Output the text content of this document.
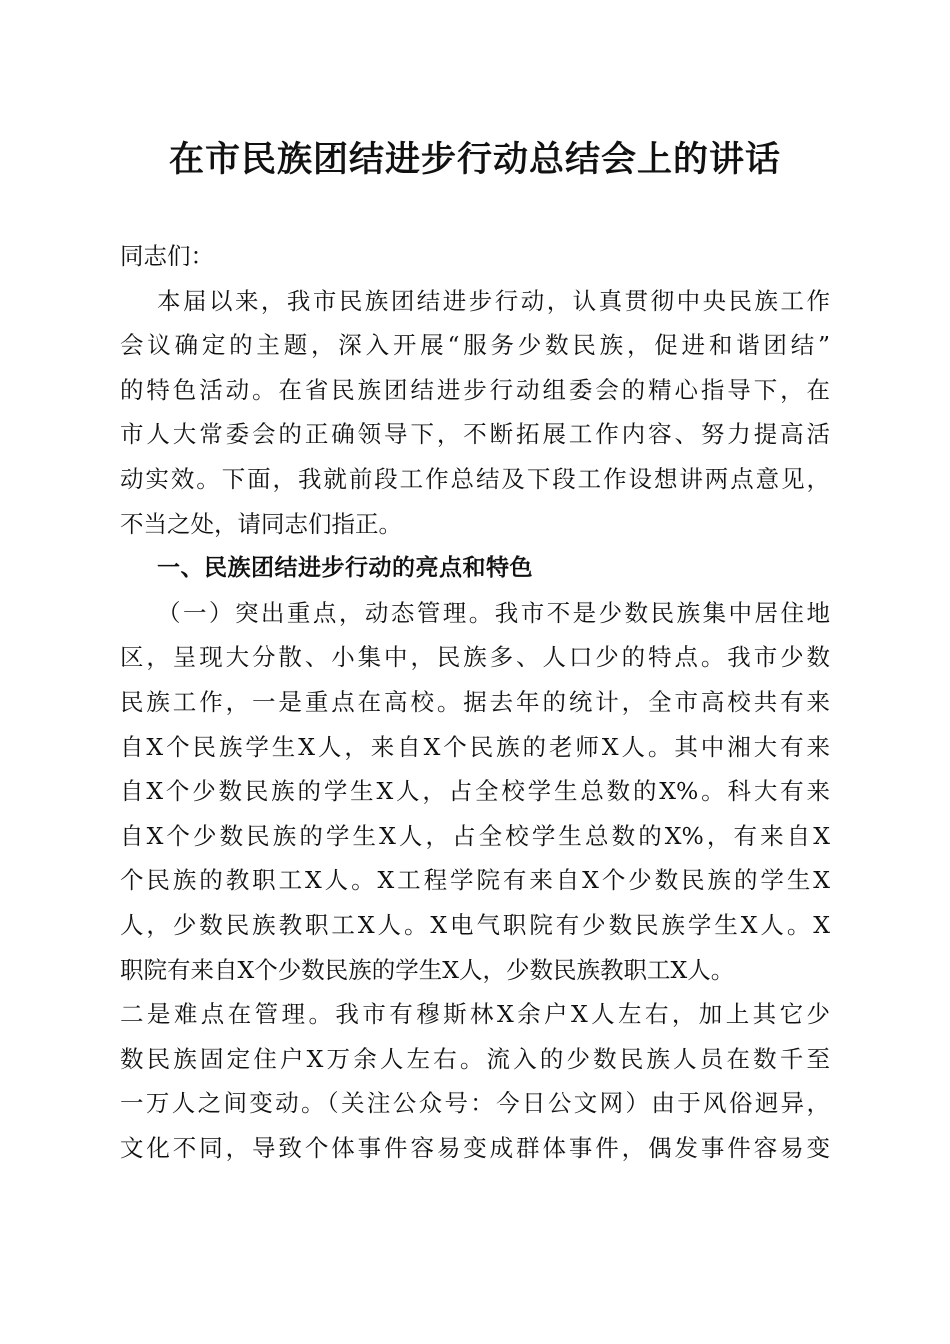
在市民族团结进步行动总结会上的讲话
同志们：
本届以来，我市民族团结进步行动，认真贯彻中央民族工作
会议确定的主题，深入开展“服务少数民族，促进和谐团结”
的特色活动。在省民族团结进步行动组委会的精心指导下，在
市人大常委会的正确领导下，不断拓展工作内容、努力提高活
动实效。下面，我就前段工作总结及下段工作设想讲两点意见，
不当之处，请同志们指正。
一、民族团结进步行动的亮点和特色
（一）突出重点，动态管理。我市不是少数民族集中居住地
区，呈现大分散、小集中，民族多、人口少的特点。我市少数
民族工作，一是重点在高校。据去年的统计，全市高校共有来
自X个民族学生X人，来自X个民族的老师X人。其中湘大有来
自X个少数民族的学生X人，占全校学生总数的X%。科大有来
自X个少数民族的学生X人，占全校学生总数的X%，有来自X
个民族的教职工X人。X工程学院有来自X个少数民族的学生X
人，少数民族教职工X人。X电气职院有少数民族学生X人。X
职院有来自X个少数民族的学生X人，少数民族教职工X人。
二是难点在管理。我市有穆斯林X余户X人左右，加上其它少
数民族固定住户X万余人左右。流入的少数民族人员在数千至
一万人之间变动。（关注公众号：今日公文网）由于风俗迥异，
文化不同，导致个体事件容易变成群体事件，偶发事件容易变
